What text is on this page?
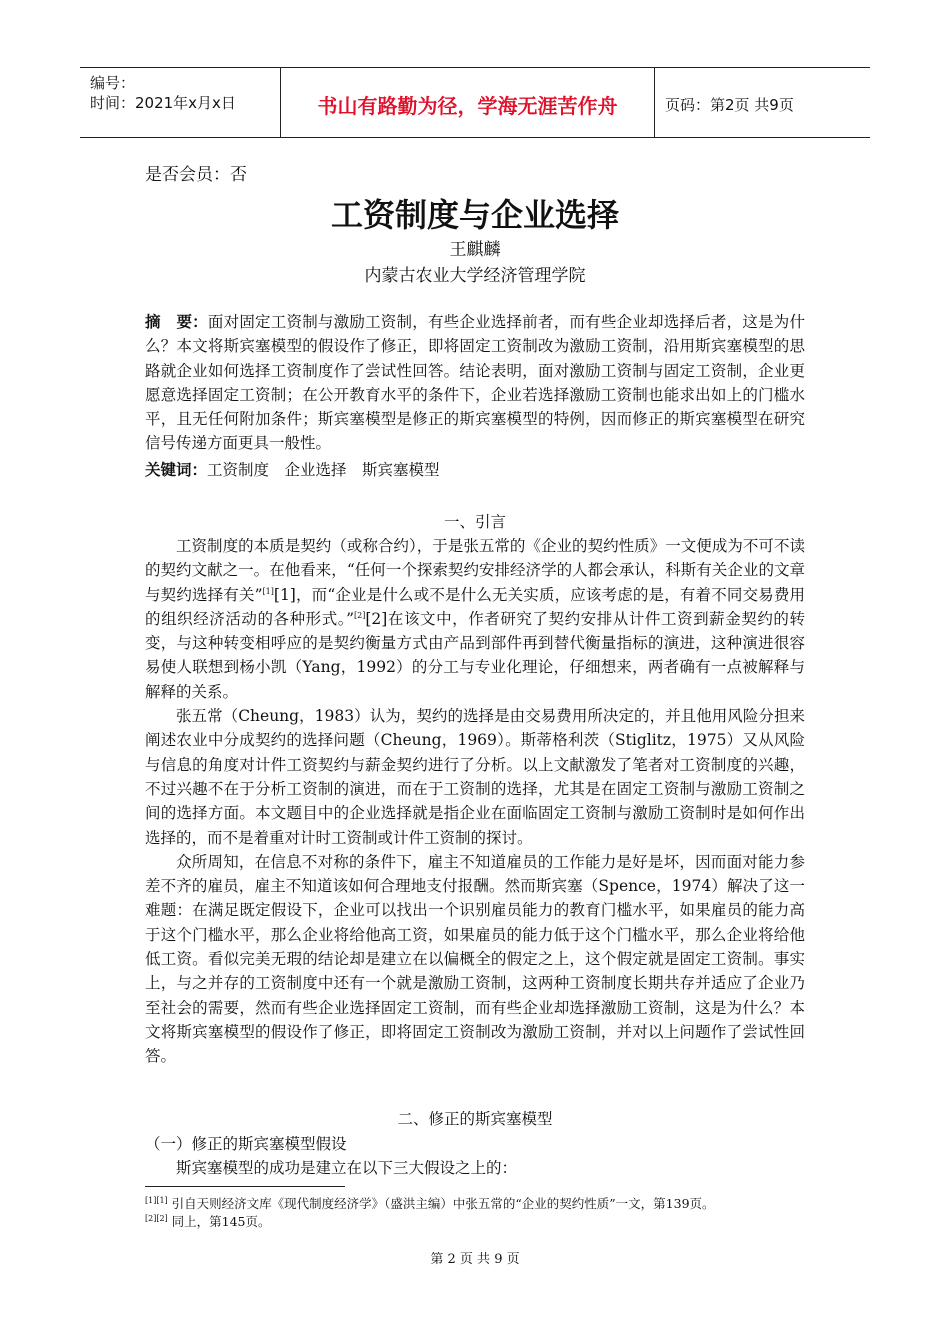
编号：
时间：2021年x月x日	书山有路勤为径，学海无涯苦作舟	页码：第2页 共9页
是否会员：否
工资制度与企业选择
王麒麟
内蒙古农业大学经济管理学院

摘　要：面对固定工资制与激励工资制，有些企业选择前者，而有些企业却选择后者，这是为什么？本文将斯宾塞模型的假设作了修正，即将固定工资制改为激励工资制，沿用斯宾塞模型的思路就企业如何选择工资制度作了尝试性回答。结论表明，面对激励工资制与固定工资制，企业更愿意选择固定工资制；在公开教育水平的条件下，企业若选择激励工资制也能求出如上的门槛水平，且无任何附加条件；斯宾塞模型是修正的斯宾塞模型的特例，因而修正的斯宾塞模型在研究信号传递方面更具一般性。

关键词：工资制度　企业选择　斯宾塞模型

一、引言

工资制度的本质是契约（或称合约），于是张五常的《企业的契约性质》一文便成为不可不读的契约文献之一。在他看来，“任何一个探索契约安排经济学的人都会承认，科斯有关企业的文章与契约选择有关”[1][1]，而“企业是什么或不是什么无关实质，应该考虑的是，有着不同交易费用的组织经济活动的各种形式。”[2][2]在该文中，作者研究了契约安排从计件工资到薪金契约的转变，与这种转变相呼应的是契约衡量方式由产品到部件再到替代衡量指标的演进，这种演进很容易使人联想到杨小凯（Yang，1992）的分工与专业化理论，仔细想来，两者确有一点被解释与解释的关系。

张五常（Cheung，1983）认为，契约的选择是由交易费用所决定的，并且他用风险分担来阐述农业中分成契约的选择问题（Cheung，1969）。斯蒂格利茨（Stiglitz，1975）又从风险与信息的角度对计件工资契约与薪金契约进行了分析。以上文献激发了笔者对工资制度的兴趣，不过兴趣不在于分析工资制的演进，而在于工资制的选择，尤其是在固定工资制与激励工资制之间的选择方面。本文题目中的企业选择就是指企业在面临固定工资制与激励工资制时是如何作出选择的，而不是着重对计时工资制或计件工资制的探讨。

众所周知，在信息不对称的条件下，雇主不知道雇员的工作能力是好是坏，因而面对能力参差不齐的雇员，雇主不知道该如何合理地支付报酬。然而斯宾塞（Spence，1974）解决了这一难题：在满足既定假设下，企业可以找出一个识别雇员能力的教育门槛水平，如果雇员的能力高于这个门槛水平，那么企业将给他高工资，如果雇员的能力低于这个门槛水平，那么企业将给他低工资。看似完美无瑕的结论却是建立在以偏概全的假定之上，这个假定就是固定工资制。事实上，与之并存的工资制度中还有一个就是激励工资制，这两种工资制度长期共存并适应了企业乃至社会的需要，然而有些企业选择固定工资制，而有些企业却选择激励工资制，这是为什么？本文将斯宾塞模型的假设作了修正，即将固定工资制改为激励工资制，并对以上问题作了尝试性回答。

二、修正的斯宾塞模型
（一）修正的斯宾塞模型假设

斯宾塞模型的成功是建立在以下三大假设之上的：

[1][1] 引自天则经济文库《现代制度经济学》（盛洪主编）中张五常的“企业的契约性质”一文，第139页。
[2][2] 同上，第145页。
第 2 页 共 9 页
